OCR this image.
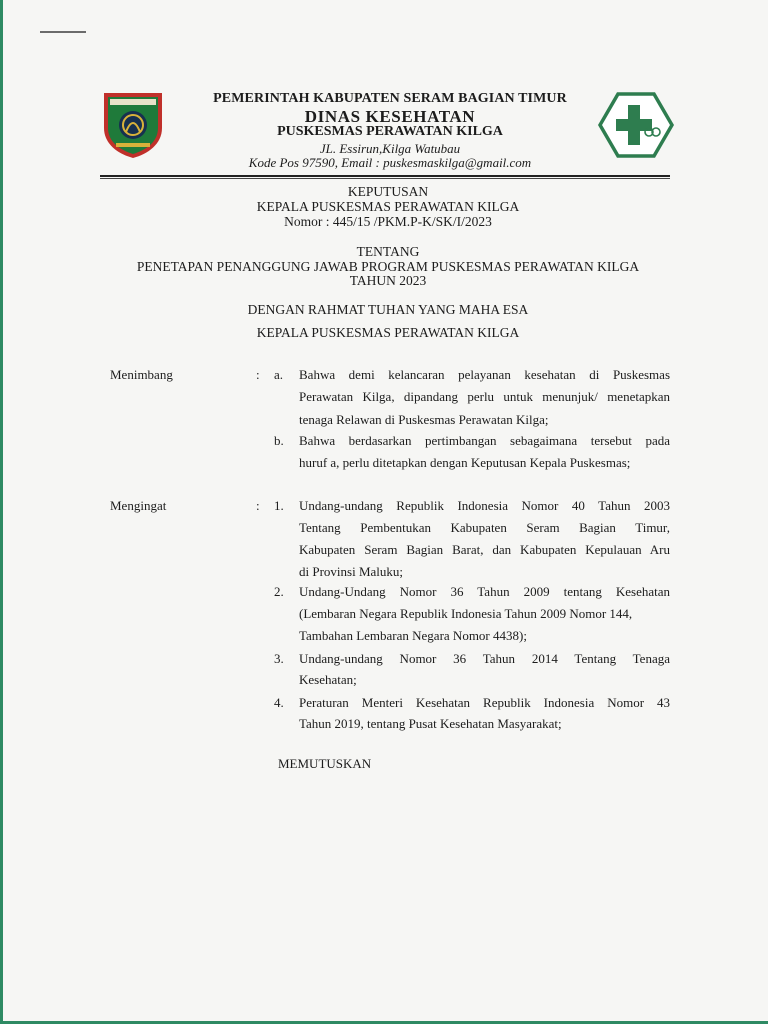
PEMERINTAH KABUPATEN SERAM BAGIAN TIMUR
DINAS KESEHATAN
PUSKESMAS PERAWATAN KILGA
JL. Essirun,Kilga Watubau
Kode Pos 97590, Email : puskesmaskilga@gmail.com
KEPUTUSAN
KEPALA PUSKESMAS PERAWATAN KILGA
Nomor : 445/15 /PKM.P-K/SK/I/2023
TENTANG
PENETAPAN PENANGGUNG JAWAB PROGRAM PUSKESMAS PERAWATAN KILGA
TAHUN 2023
DENGAN RAHMAT TUHAN YANG MAHA ESA
KEPALA PUSKESMAS PERAWATAN KILGA
Menimbang	: a. Bahwa demi kelancaran pelayanan kesehatan di Puskesmas
Perawatan Kilga, dipandang perlu untuk menunjuk/ menetapkan
tenaga Relawan di Puskesmas Perawatan Kilga;
b. Bahwa berdasarkan pertimbangan sebagaimana tersebut pada
huruf a, perlu ditetapkan dengan Keputusan Kepala Puskesmas;
Mengingat	: 1. Undang-undang Republik Indonesia Nomor 40 Tahun 2003
Tentang Pembentukan Kabupaten Seram Bagian Timur,
Kabupaten Seram Bagian Barat, dan Kabupaten Kepulauan Aru
di Provinsi Maluku;
2. Undang-Undang Nomor 36 Tahun 2009 tentang Kesehatan
(Lembaran Negara Republik Indonesia Tahun 2009 Nomor 144,
Tambahan Lembaran Negara Nomor 4438);
3. Undang-undang Nomor 36 Tahun 2014 Tentang Tenaga
Kesehatan;
4. Peraturan Menteri Kesehatan Republik Indonesia Nomor 43
Tahun 2019, tentang Pusat Kesehatan Masyarakat;
MEMUTUSKAN
